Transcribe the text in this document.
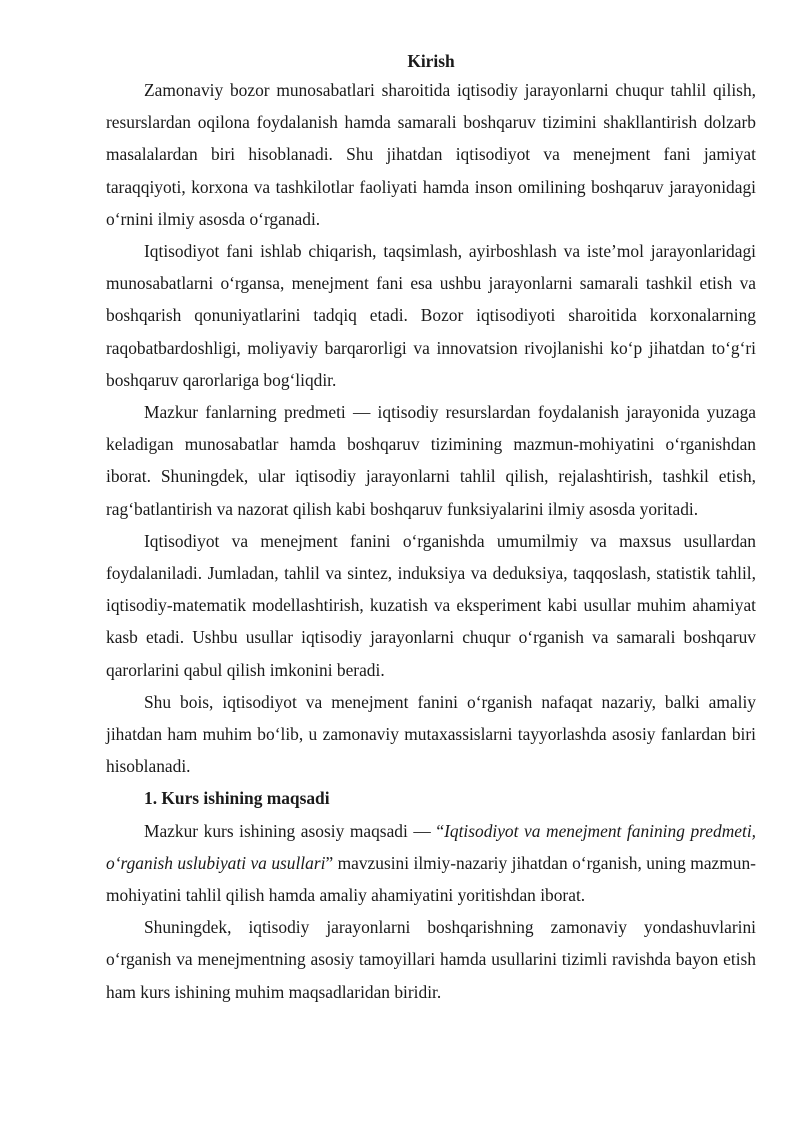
Kirish

Zamonaviy bozor munosabatlari sharoitida iqtisodiy jarayonlarni chuqur tahlil qilish, resurslardan oqilona foydalanish hamda samarali boshqaruv tizimini shakllantirish dolzarb masalalardan biri hisoblanadi. Shu jihatdan iqtisodiyot va menejment fani jamiyat taraqqiyoti, korxona va tashkilotlar faoliyati hamda inson omilining boshqaruv jarayonidagi o‘rnini ilmiy asosda o‘rganadi.

Iqtisodiyot fani ishlab chiqarish, taqsimlash, ayirboshlash va iste’mol jarayonlaridagi munosabatlarni o‘rgansa, menejment fani esa ushbu jarayonlarni samarali tashkil etish va boshqarish qonuniyatlarini tadqiq etadi. Bozor iqtisodiyoti sharoitida korxonalarning raqobatbardoshligi, moliyaviy barqarorligi va innovatsion rivojlanishi ko‘p jihatdan to‘g‘ri boshqaruv qarorlariga bog‘liqdir.

Mazkur fanlarning predmeti — iqtisodiy resurslardan foydalanish jarayonida yuzaga keladigan munosabatlar hamda boshqaruv tizimining mazmun-mohiyatini o‘rganishdan iborat. Shuningdek, ular iqtisodiy jarayonlarni tahlil qilish, rejalashtirish, tashkil etish, rag‘batlantirish va nazorat qilish kabi boshqaruv funksiyalarini ilmiy asosda yoritadi.

Iqtisodiyot va menejment fanini o‘rganishda umumilmiy va maxsus usullardan foydalaniladi. Jumladan, tahlil va sintez, induksiya va deduksiya, taqqoslash, statistik tahlil, iqtisodiy-matematik modellashtirish, kuzatish va eksperiment kabi usullar muhim ahamiyat kasb etadi. Ushbu usullar iqtisodiy jarayonlarni chuqur o‘rganish va samarali boshqaruv qarorlarini qabul qilish imkonini beradi.

Shu bois, iqtisodiyot va menejment fanini o‘rganish nafaqat nazariy, balki amaliy jihatdan ham muhim bo‘lib, u zamonaviy mutaxassislarni tayyorlashda asosiy fanlardan biri hisoblanadi.

1. Kurs ishining maqsadi

Mazkur kurs ishining asosiy maqsadi — “Iqtisodiyot va menejment fanining predmeti, o‘rganish uslubiyati va usullari” mavzusini ilmiy-nazariy jihatdan o‘rganish, uning mazmun-mohiyatini tahlil qilish hamda amaliy ahamiyatini yoritishdan iborat.

Shuningdek, iqtisodiy jarayonlarni boshqarishning zamonaviy yondashuvlarini o‘rganish va menejmentning asosiy tamoyillari hamda usullarini tizimli ravishda bayon etish ham kurs ishining muhim maqsadlaridan biridir.
